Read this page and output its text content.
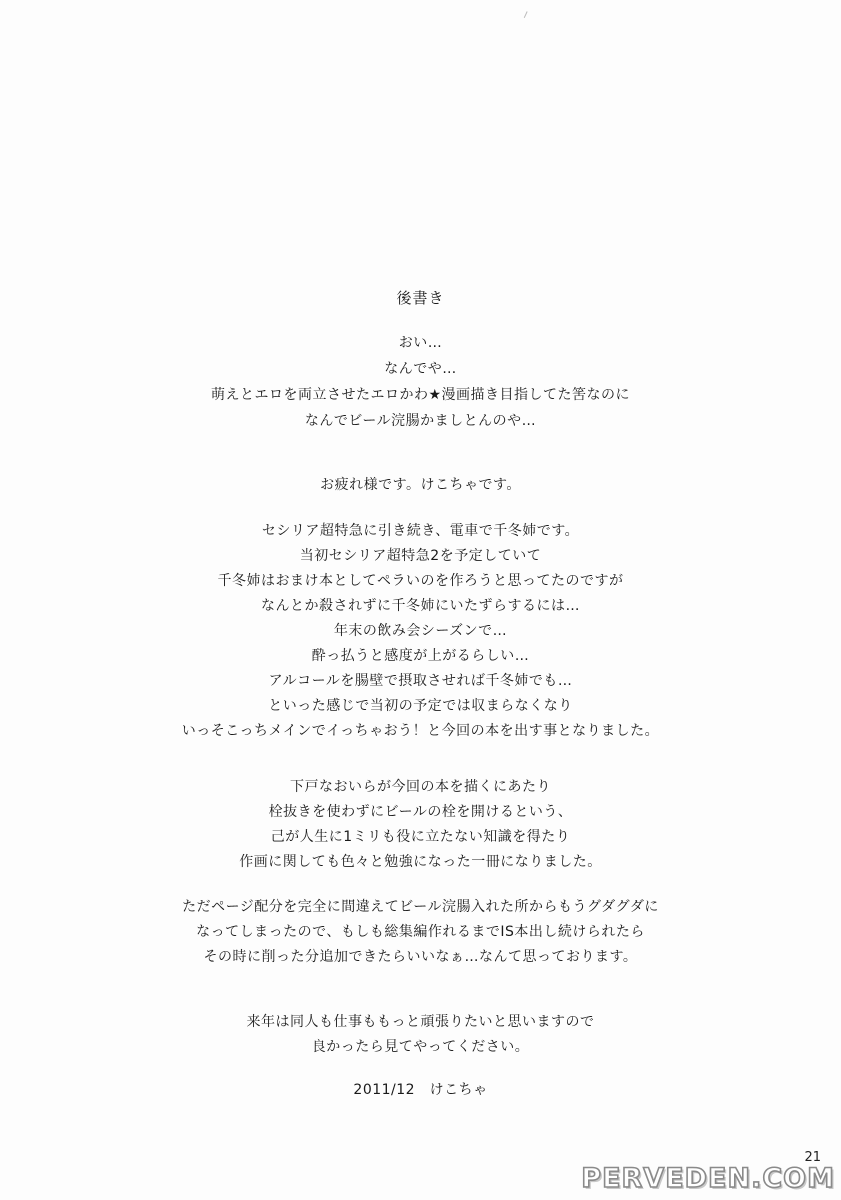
後書き
おい…
なんでや…
萌えとエロを両立させたエロかわ★漫画描き目指してた筈なのに
なんでビール浣腸かましとんのや…
お疲れ様です。けこちゃです。
セシリア超特急に引き続き、電車で千冬姉です。
当初セシリア超特急2を予定していて
千冬姉はおまけ本としてペラいのを作ろうと思ってたのですが
なんとか殺されずに千冬姉にいたずらするには…
年末の飲み会シーズンで…
酔っ払うと感度が上がるらしい…
アルコールを腸壁で摂取させれば千冬姉でも…
といった感じで当初の予定では収まらなくなり
いっそこっちメインでイっちゃおう！と今回の本を出す事となりました。
下戸なおいらが今回の本を描くにあたり
栓抜きを使わずにビールの栓を開けるという、
己が人生に1ミリも役に立たない知識を得たり
作画に関しても色々と勉強になった一冊になりました。
ただページ配分を完全に間違えてビール浣腸入れた所からもうグダグダに
なってしまったので、もしも総集編作れるまでIS本出し続けられたら
その時に削った分追加できたらいいなぁ…なんて思っております。
来年は同人も仕事ももっと頑張りたいと思いますので
良かったら見てやってください。
2011/12　けこちゃ
21
PERVEDEN.COM
